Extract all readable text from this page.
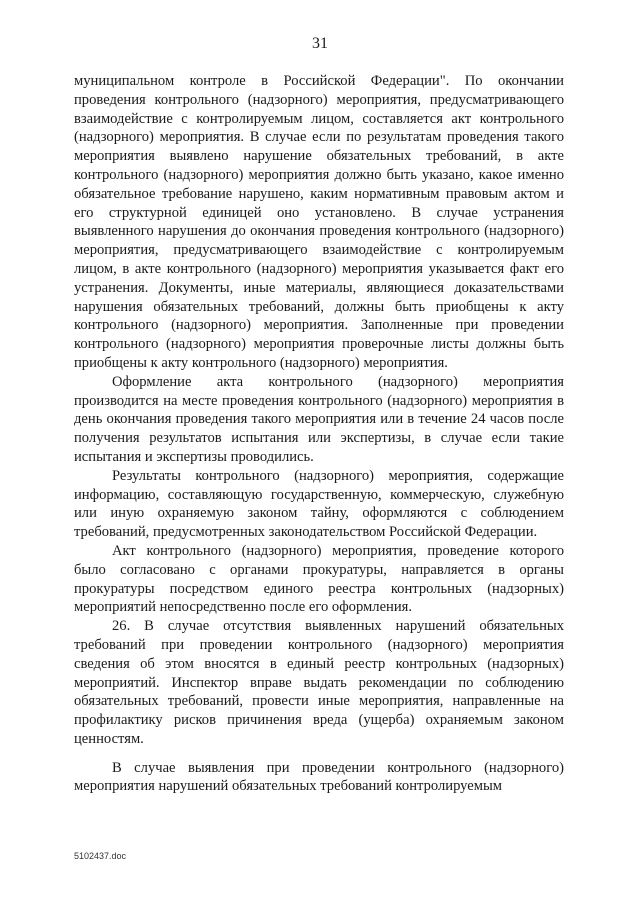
31

муниципальном контроле в Российской Федерации". По окончании проведения контрольного (надзорного) мероприятия, предусматривающего взаимодействие с контролируемым лицом, составляется акт контрольного (надзорного) мероприятия. В случае если по результатам проведения такого мероприятия выявлено нарушение обязательных требований, в акте контрольного (надзорного) мероприятия должно быть указано, какое именно обязательное требование нарушено, каким нормативным правовым актом и его структурной единицей оно установлено. В случае устранения выявленного нарушения до окончания проведения контрольного (надзорного) мероприятия, предусматривающего взаимодействие с контролируемым лицом, в акте контрольного (надзорного) мероприятия указывается факт его устранения. Документы, иные материалы, являющиеся доказательствами нарушения обязательных требований, должны быть приобщены к акту контрольного (надзорного) мероприятия. Заполненные при проведении контрольного (надзорного) мероприятия проверочные листы должны быть приобщены к акту контрольного (надзорного) мероприятия.

Оформление акта контрольного (надзорного) мероприятия производится на месте проведения контрольного (надзорного) мероприятия в день окончания проведения такого мероприятия или в течение 24 часов после получения результатов испытания или экспертизы, в случае если такие испытания и экспертизы проводились.

Результаты контрольного (надзорного) мероприятия, содержащие информацию, составляющую государственную, коммерческую, служебную или иную охраняемую законом тайну, оформляются с соблюдением требований, предусмотренных законодательством Российской Федерации.

Акт контрольного (надзорного) мероприятия, проведение которого было согласовано с органами прокуратуры, направляется в органы прокуратуры посредством единого реестра контрольных (надзорных) мероприятий непосредственно после его оформления.

26. В случае отсутствия выявленных нарушений обязательных требований при проведении контрольного (надзорного) мероприятия сведения об этом вносятся в единый реестр контрольных (надзорных) мероприятий. Инспектор вправе выдать рекомендации по соблюдению обязательных требований, провести иные мероприятия, направленные на профилактику рисков причинения вреда (ущерба) охраняемым законом ценностям.

В случае выявления при проведении контрольного (надзорного) мероприятия нарушений обязательных требований контролируемым

5102437.doc
